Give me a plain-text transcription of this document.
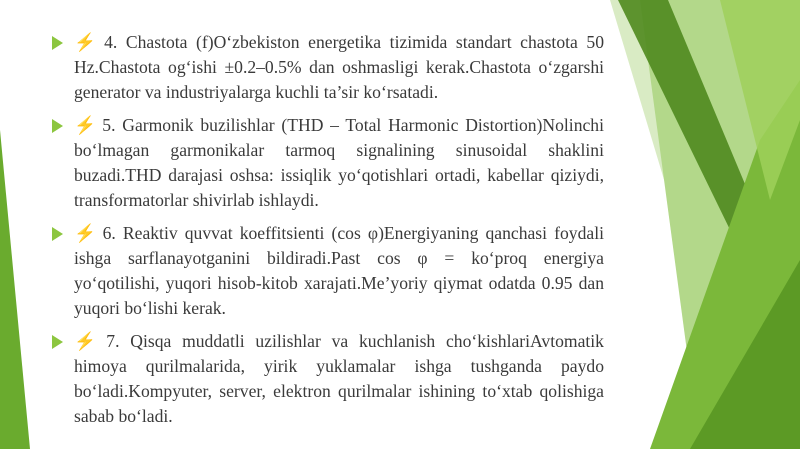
⚡ 4. Chastota (f)O‘zbekiston energetika tizimida standart chastota 50 Hz.Chastota og‘ishi ±0.2–0.5% dan oshmasligi kerak.Chastota o‘zgarshi generator va industriyalarga kuchli ta’sir ko‘rsatadi.
⚡ 5. Garmonik buzilishlar (THD – Total Harmonic Distortion)Nolinchi bo‘lmagan garmonikalar tarmoq signalining sinusoidal shaklini buzadi.THD darajasi oshsa: issiqlik yo‘qotishlari ortadi, kabellar qiziydi, transformatorlar shivirlab ishlaydi.
⚡ 6. Reaktiv quvvat koeffitsienti (cos φ)Energiyaning qanchasi foydali ishga sarflanayotganini bildiradi.Past cos φ = ko‘proq energiya yo‘qotilishi, yuqori hisob-kitob xarajati.Me’yoriy qiymat odatda 0.95 dan yuqori bo‘lishi kerak.
⚡ 7. Qisqa muddatli uzilishlar va kuchlanish cho‘kishlariAvtomatik himoya qurilmalarida, yirik yuklamalar ishga tushganda paydo bo‘ladi.Kompyuter, server, elektron qurilmalar ishining to‘xtab qolishiga sabab bo‘ladi.
